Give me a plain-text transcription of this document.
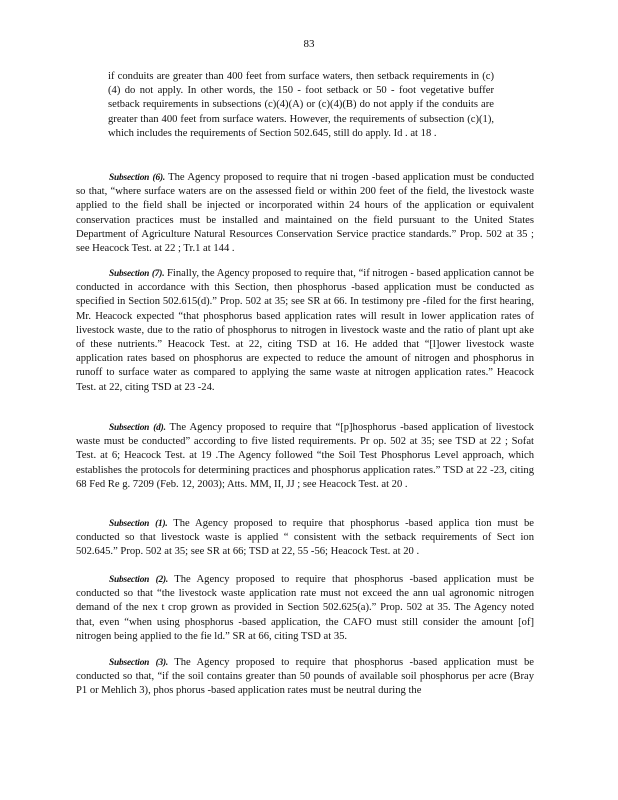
83
if conduits are greater than 400 feet from surface waters, then setback requirements in (c)(4) do not apply. In other words, the 150 - foot setback or 50 - foot vegetative buffer setback requirements in subsections (c)(4)(A) or (c)(4)(B) do not apply if the conduits are greater than 400 feet from surface waters. However, the requirements of subsection (c)(1), which includes the requirements of Section 502.645, still do apply. Id . at 18 .
Subsection (6). The Agency proposed to require that ni trogen -based application must be conducted so that, “where surface waters are on the assessed field or within 200 feet of the field, the livestock waste applied to the field shall be injected or incorporated within 24 hours of the application or equivalent conservation practices must be installed and maintained on the field pursuant to the United States Department of Agriculture Natural Resources Conservation Service practice standards.” Prop. 502 at 35 ; see Heacock Test. at 22 ; Tr.1 at 144 .
Subsection (7). Finally, the Agency proposed to require that, “if nitrogen - based application cannot be conducted in accordance with this Section, then phosphorus -based application must be conducted as specified in Section 502.615(d).” Prop. 502 at 35; see SR at 66. In testimony pre -filed for the first hearing, Mr. Heacock expected “that phosphorus based application rates will result in lower application rates of livestock waste, due to the ratio of phosphorus to nitrogen in livestock waste and the ratio of plant upt ake of these nutrients.” Heacock Test. at 22, citing TSD at 16. He added that “[l]ower livestock waste application rates based on phosphorus are expected to reduce the amount of nitrogen and phosphorus in runoff to surface water as compared to applying the same waste at nitrogen application rates.” Heacock Test. at 22, citing TSD at 23 -24.
Subsection (d). The Agency proposed to require that “[p]hosphorus -based application of livestock waste must be conducted” according to five listed requirements. Pr op. 502 at 35; see TSD at 22 ; Sofat Test. at 6; Heacock Test. at 19 .The Agency followed “the Soil Test Phosphorus Level approach, which establishes the protocols for determining practices and phosphorus application rates.” TSD at 22 -23, citing 68 Fed Re g. 7209 (Feb. 12, 2003); Atts. MM, II, JJ ; see Heacock Test. at 20 .
Subsection (1). The Agency proposed to require that phosphorus -based applica tion must be conducted so that livestock waste is applied “ consistent with the setback requirements of Sect ion 502.645.” Prop. 502 at 35; see SR at 66; TSD at 22, 55 -56; Heacock Test. at 20 .
Subsection (2). The Agency proposed to require that phosphorus -based application must be conducted so that “the livestock waste application rate must not exceed the ann ual agronomic nitrogen demand of the nex t crop grown as provided in Section 502.625(a).” Prop. 502 at 35. The Agency noted that, even “when using phosphorus -based application, the CAFO must still consider the amount [of] nitrogen being applied to the fie ld.” SR at 66, citing TSD at 35.
Subsection (3). The Agency proposed to require that phosphorus -based application must be conducted so that, “if the soil contains greater than 50 pounds of available soil phosphorus per acre (Bray P1 or Mehlich 3), phos phorus -based application rates must be neutral during the
